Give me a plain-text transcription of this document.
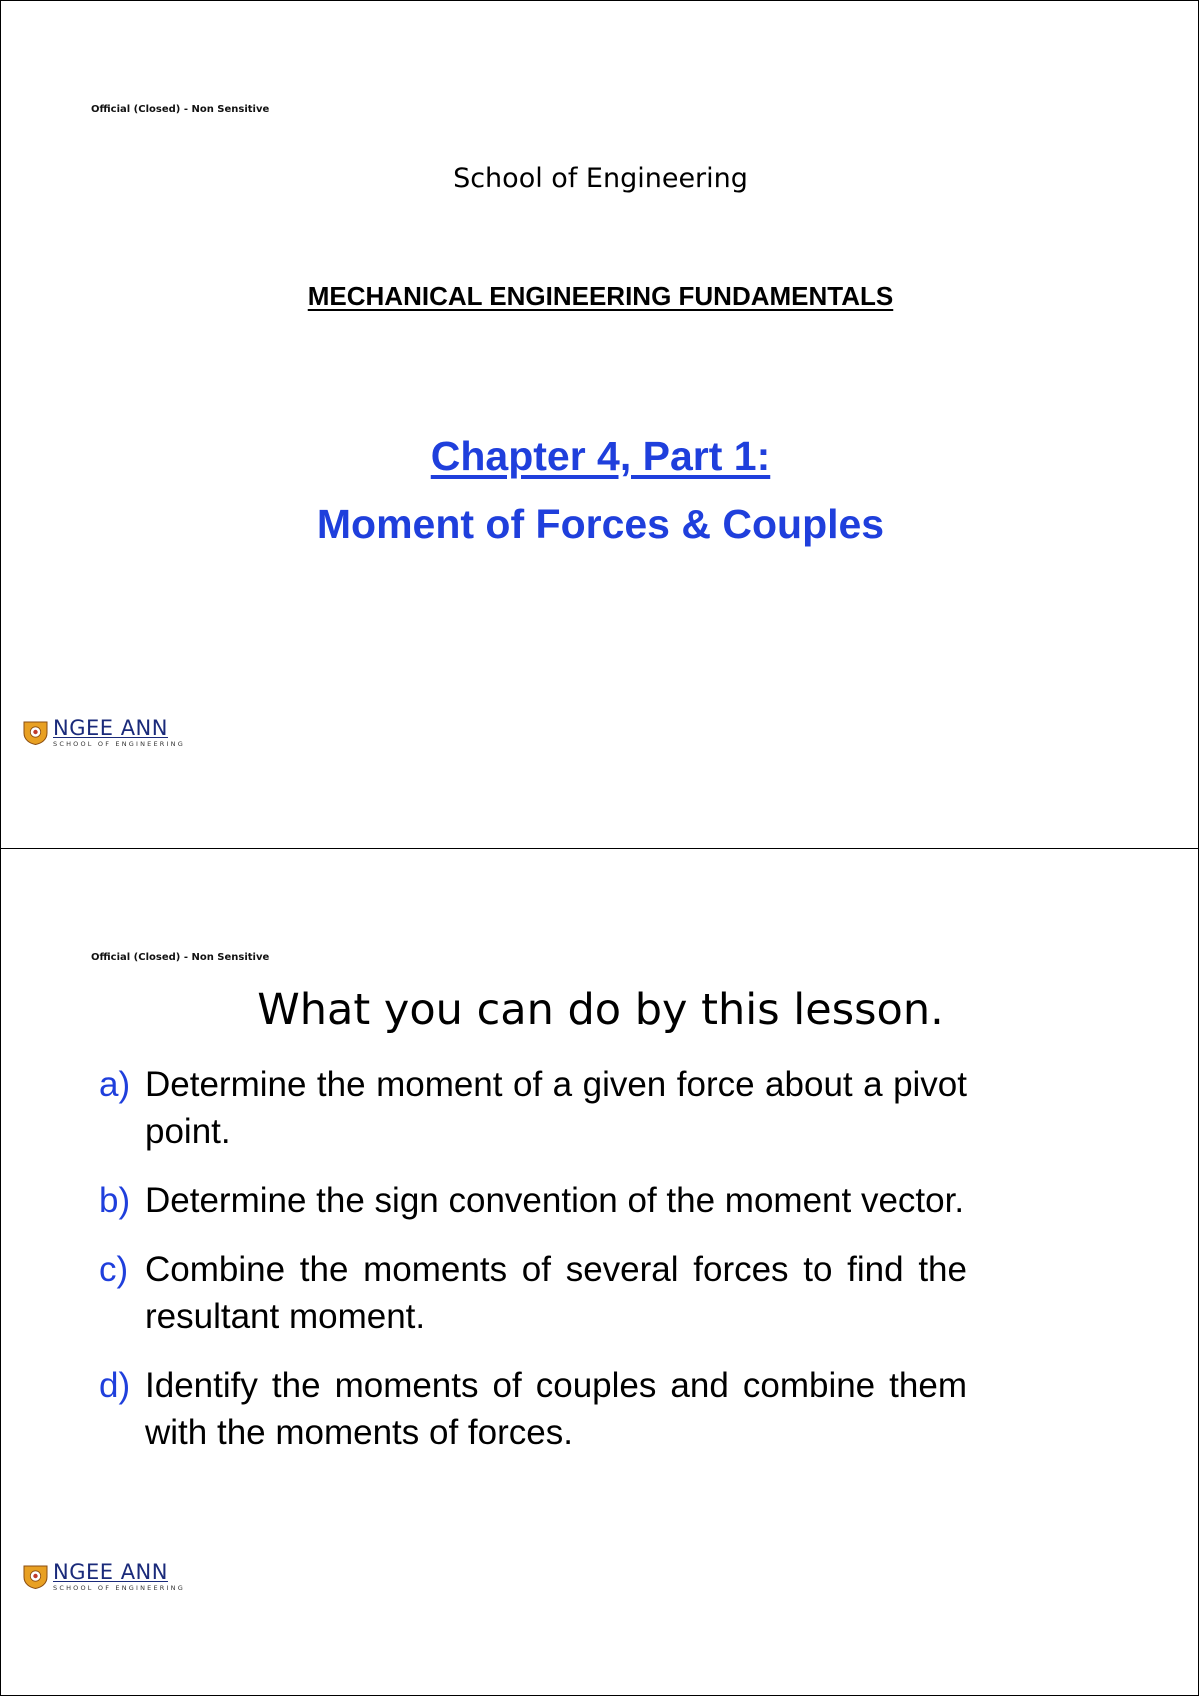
Official (Closed) - Non Sensitive
School of Engineering
MECHANICAL ENGINEERING FUNDAMENTALS
Chapter 4, Part 1:
Moment of Forces & Couples
NGEE ANN
SCHOOL OF ENGINEERING
Official (Closed) - Non Sensitive
What you can do by this lesson.
a) Determine the moment of a given force about a pivot point.
b) Determine the sign convention of the moment vector.
c) Combine the moments of several forces to find the resultant moment.
d) Identify the moments of couples and combine them with the moments of forces.
NGEE ANN
SCHOOL OF ENGINEERING
